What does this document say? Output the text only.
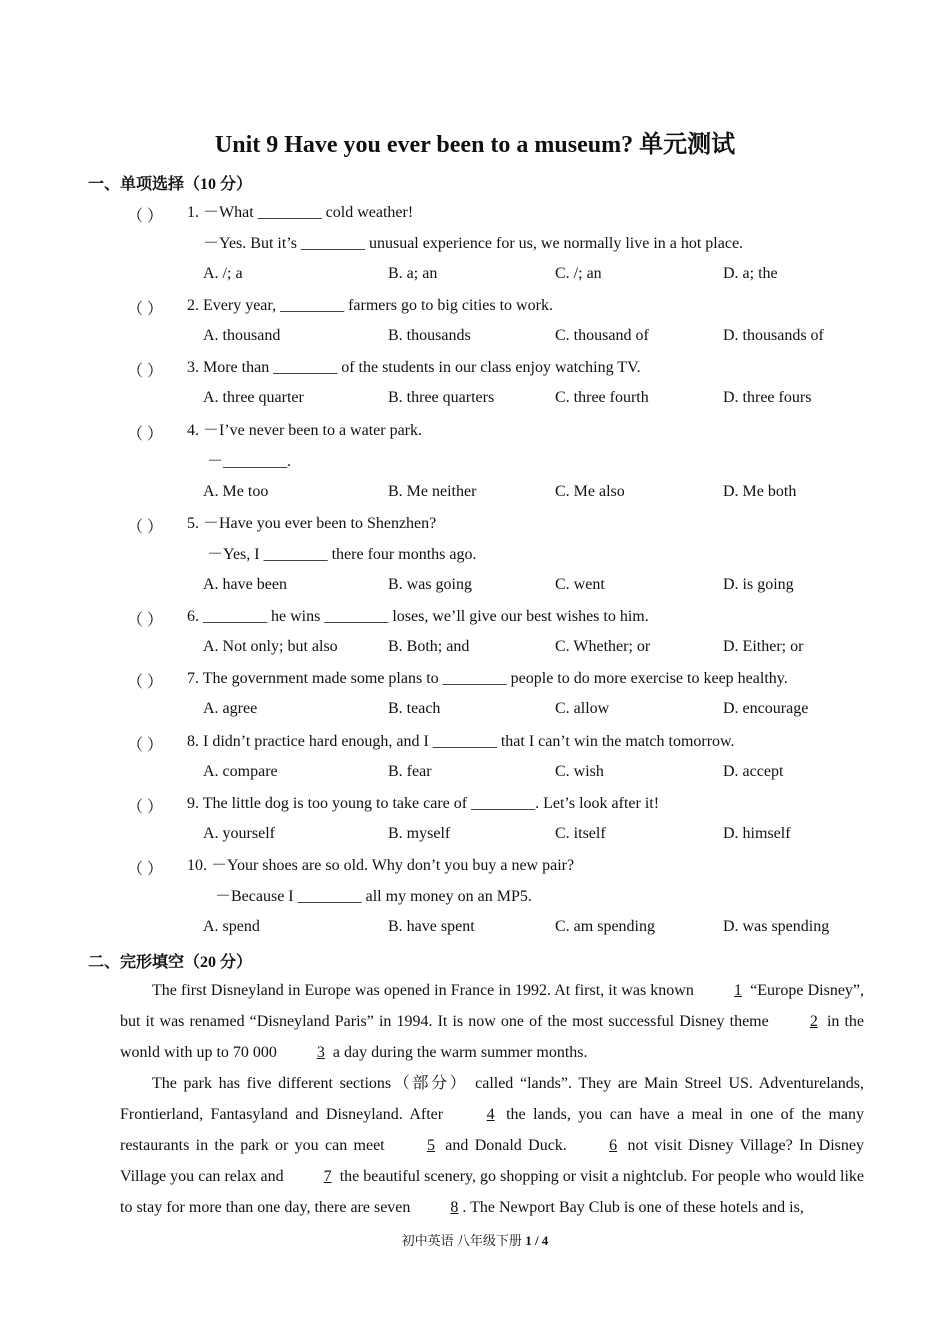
Unit 9 Have you ever been to a museum? 单元测试
一、单项选择（10 分）
（ ） 1. －What ________ cold weather!
－Yes. But it’s ________ unusual experience for us, we normally live in a hot place.
A. /; a	B. a; an	C. /; an	D. a; the
（ ） 2. Every year, ________ farmers go to big cities to work.
A. thousand	B. thousands	C. thousand of	D. thousands of
（ ） 3. More than ________ of the students in our class enjoy watching TV.
A. three quarter	B. three quarters	C. three fourth	D. three fours
（ ） 4. －I’ve never been to a water park.
－________.
A. Me too	B. Me neither	C. Me also	D. Me both
（ ） 5. －Have you ever been to Shenzhen?
－Yes, I ________ there four months ago.
A. have been	B. was going	C. went	D. is going
（ ） 6. ________ he wins ________ loses, we’ll give our best wishes to him.
A. Not only; but also	B. Both; and	C. Whether; or	D. Either; or
（ ） 7. The government made some plans to ________ people to do more exercise to keep healthy.
A. agree	B. teach	C. allow	D. encourage
（ ） 8. I didn’t practice hard enough, and I ________ that I can’t win the match tomorrow.
A. compare	B. fear	C. wish	D. accept
（ ） 9. The little dog is too young to take care of ________. Let’s look after it!
A. yourself	B. myself	C. itself	D. himself
（ ） 10. －Your shoes are so old. Why don’t you buy a new pair?
－Because I ________ all my money on an MP5.
A. spend	B. have spent	C. am spending	D. was spending
二、完形填空（20 分）

The first Disneyland in Europe was opened in France in 1992. At first, it was known	1 “Europe Disney”, but it was renamed “Disneyland Paris” in 1994. It is now one of the most successful Disney theme	2 in the wonld with up to 70 000	3 a day during the warm summer months.

The park has five different sections（部分） called “lands”. They are Main Streel US. Adventurelands, Frontierland, Fantasyland and Disneyland. After	4 the lands, you can have a meal in one of the many restaurants in the park or you can meet	5 and Donald Duck.	6 not visit Disney Village? In Disney Village you can relax and	7 the beautiful scenery, go shopping or visit a nightclub. For people who would like to stay for more than one day, there are seven	8 . The Newport Bay Club is one of these hotels and is,

初中英语 八年级下册 1 / 4
